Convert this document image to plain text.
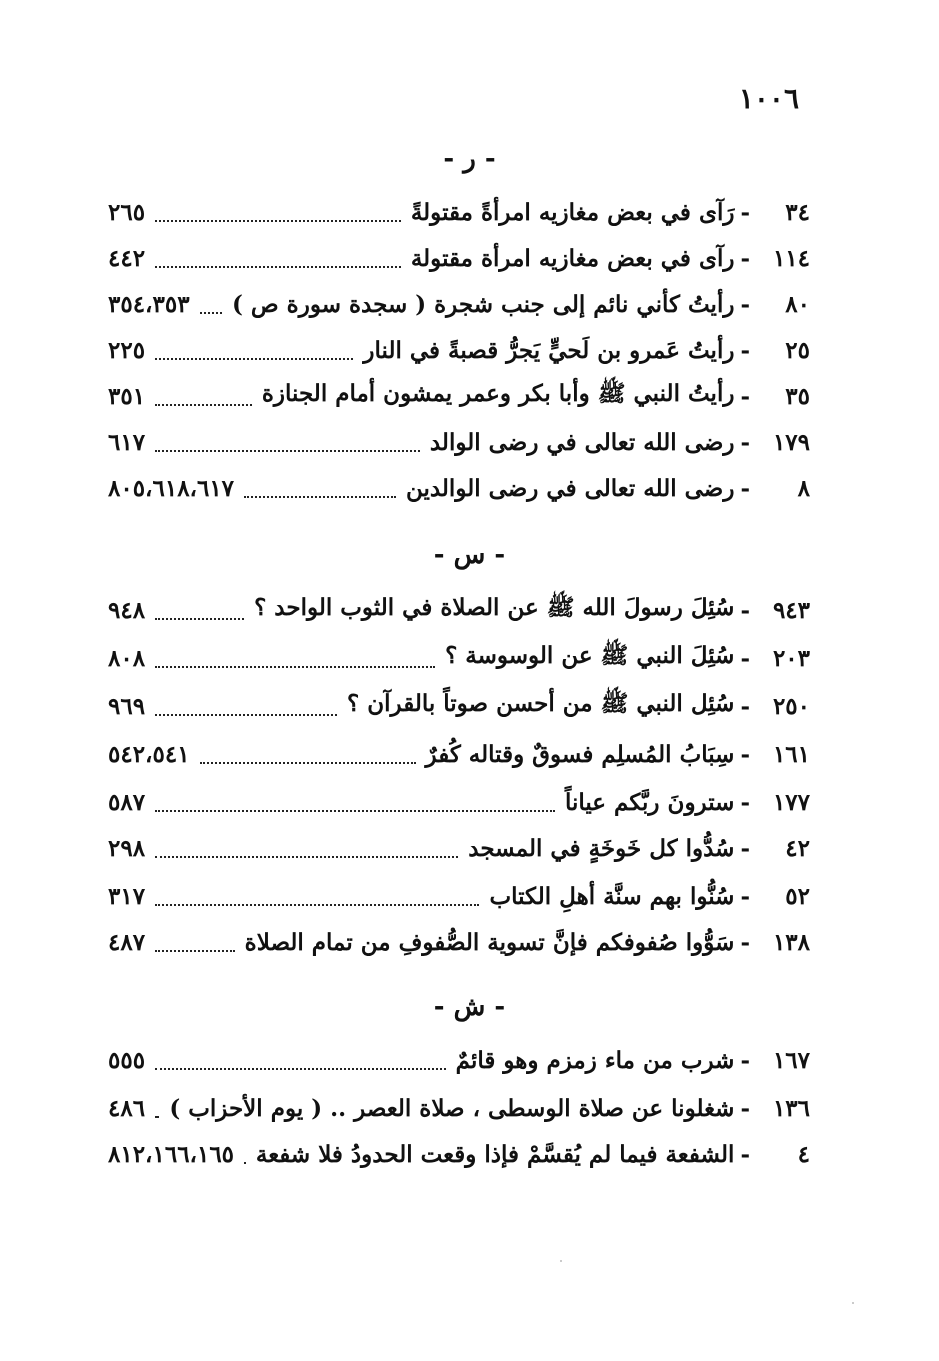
١٠٠٦
- ر -
٣٤
-
رَآى في بعض مغازيه امرأةً مقتولةً
٢٦٥
١١٤
-
رآى في بعض مغازيه امرأة مقتولة
٤٤٢
٨٠
-
رأيتُ كأني نائم إلى جنب شجرة ( سجدة سورة ص )
٣٥٤،٣٥٣
٢٥
-
رأيتُ عَمرو بن لَحيٍّ يَجرُّ قصبةً في النار
٢٢٥
٣٥
-
رأيتُ النبي ﷺ وأبا بكر وعمر يمشون أمام الجنازة
٣٥١
١٧٩
-
رضى الله تعالى في رضى الوالد
٦١٧
٨
-
رضى الله تعالى في رضى الوالدين
٨٠٥،٦١٨،٦١٧
- س -
٩٤٣
-
سُئِلَ رسولَ الله ﷺ عن الصلاة في الثوب الواحد ؟
٩٤٨
٢٠٣
-
سُئِلَ النبي ﷺ عن الوسوسة ؟
٨٠٨
٢٥٠
-
سُئِل النبي ﷺ من أحسن صوتاً بالقرآن ؟
٩٦٩
١٦١
-
سِبَابُ المُسلِم فسوقٌ وقتاله كُفرٌ
٥٤٢،٥٤١
١٧٧
-
سترونَ ربَّكم عياناً
٥٨٧
٤٢
-
سُدُّوا كل خَوخَةٍ في المسجد
٢٩٨
٥٢
-
سُنُّوا بهم سنَّة أهلِ الكتاب
٣١٧
١٣٨
-
سَوُّوا صُفوفكم فإنَّ تسوية الصُّفوفِ من تمام الصلاة
٤٨٧
- ش -
١٦٧
-
شرب من ماء زمزم وهو قائمٌ
٥٥٥
١٣٦
-
شغلونا عن صلاة الوسطى ، صلاة العصر .. ( يوم الأحزاب )
٤٨٦
٤
-
الشفعة فيما لم يُقسَّمْ فإذا وقعت الحدودُ فلا شفعة
٨١٢،١٦٦،١٦٥
